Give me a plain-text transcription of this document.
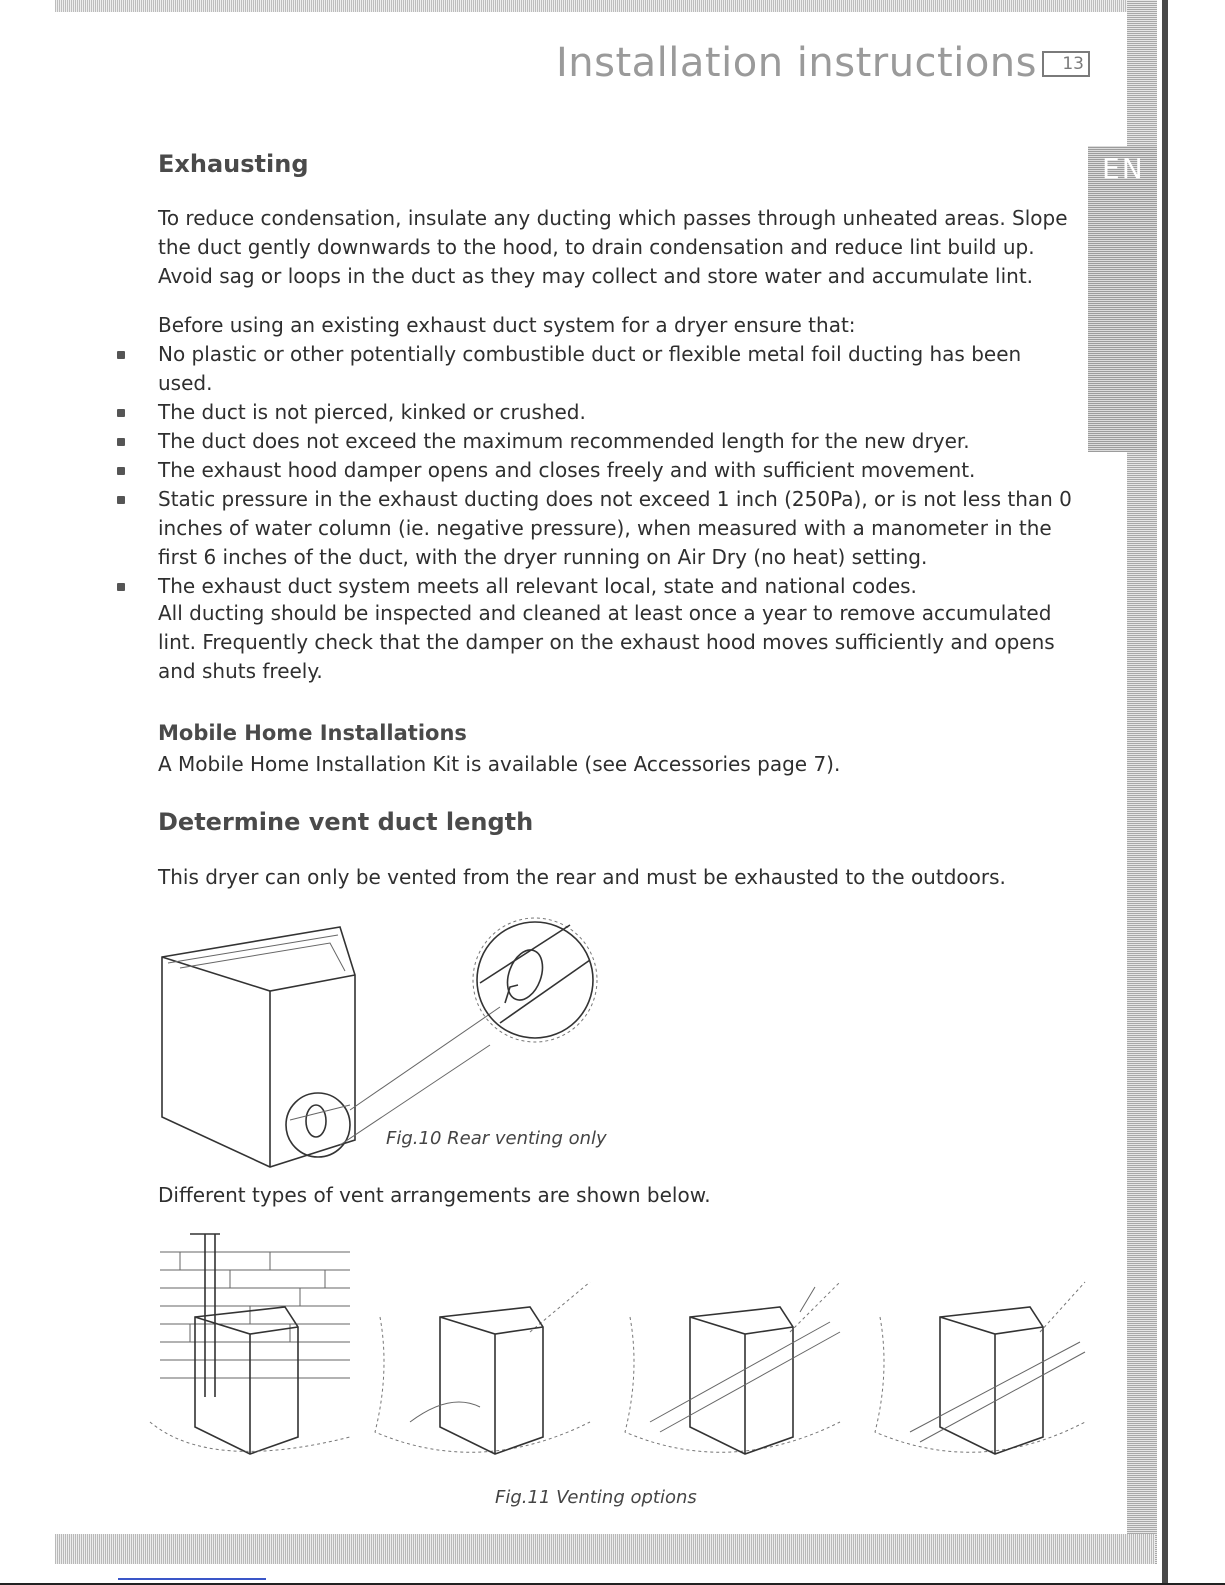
EN
Installation instructions	13
Exhausting
To reduce condensation, insulate any ducting which passes through unheated areas. Slope the duct gently downwards to the hood, to drain condensation and reduce lint build up. Avoid sag or loops in the duct as they may collect and store water and accumulate lint.
Before using an existing exhaust duct system for a dryer ensure that:
No plastic or other potentially combustible duct or flexible metal foil ducting has been used.
The duct is not pierced, kinked or crushed.
The duct does not exceed the maximum recommended length for the new dryer.
The exhaust hood damper opens and closes freely and with sufficient movement.
Static pressure in the exhaust ducting does not exceed 1 inch (250Pa), or is not less than 0 inches of water column (ie. negative pressure), when measured with a manometer in the first 6 inches of the duct, with the dryer running on Air Dry (no heat) setting.
The exhaust duct system meets all relevant local, state and national codes.
All ducting should be inspected and cleaned at least once a year to remove accumulated lint. Frequently check that the damper on the exhaust hood moves sufficiently and opens and shuts freely.
Mobile Home Installations
A Mobile Home Installation Kit is available (see Accessories page 7).
Determine vent duct length
This dryer can only be vented from the rear and must be exhausted to the outdoors.
Fig.10 Rear venting only
Different types of vent arrangements are shown below.
Fig.11 Venting options
